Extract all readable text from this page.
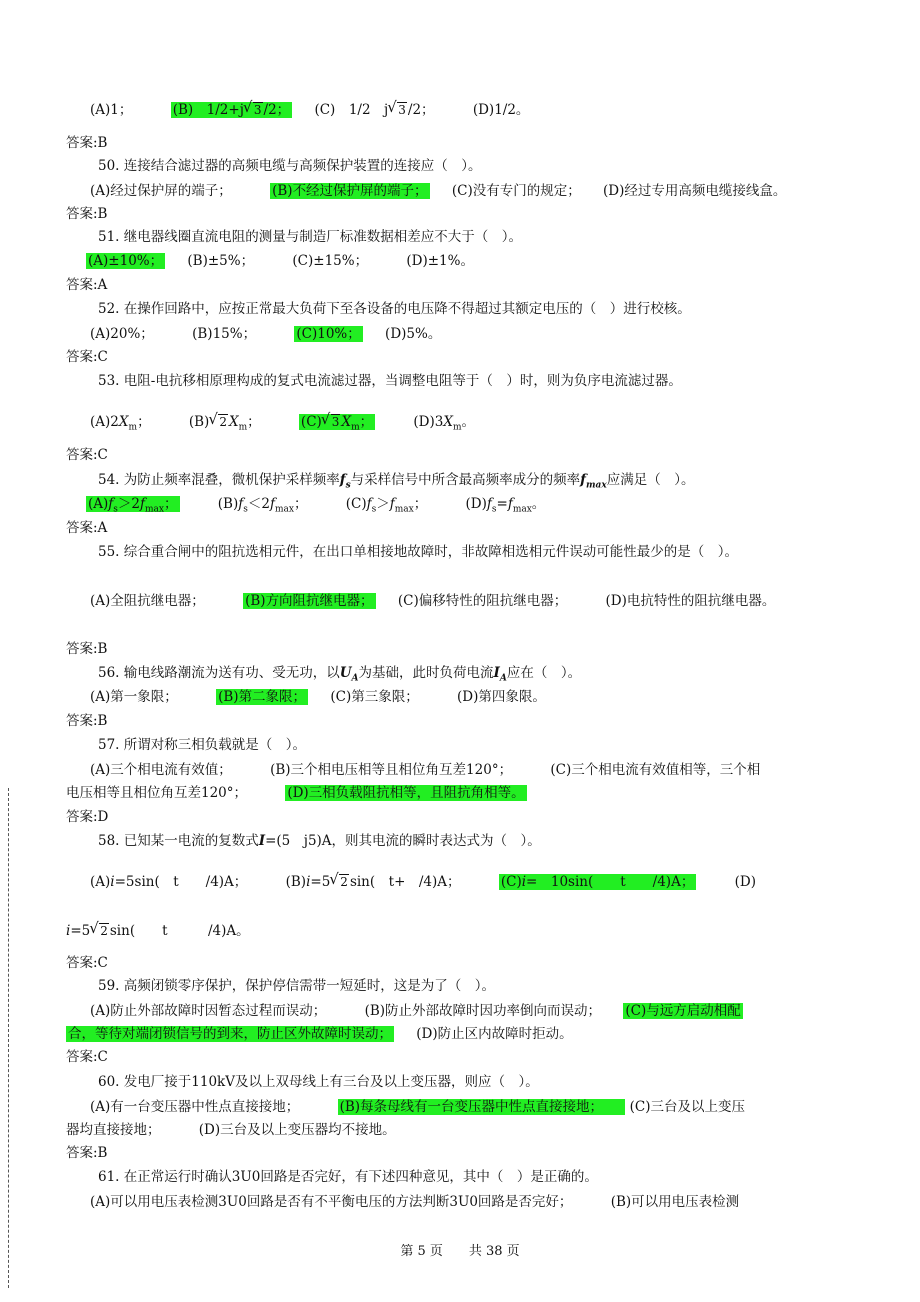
(A)1；	(B)　1/2+j √ 3 /2； (C)　1/2　j √ 3 /2；	(D)1/2。
答案:B
50. 连接结合滤过器的高频电缆与高频保护装置的连接应（　）。
(A)经过保护屏的端子；	(B)不经过保护屏的端子； (C)没有专门的规定； (D)经过专用高频电缆接线盒。
答案:B
51. 继电器线圈直流电阻的测量与制造厂标准数据相差应不大于（　）。
(A)±10%； (B)±5%；	(C)±15%；	(D)±1%。
答案:A
52. 在操作回路中，应按正常最大负荷下至各设备的电压降不得超过其额定电压的（　）进行校核。
(A)20%；	(B)15%；	(C)10%； (D)5%。
答案:C
53. 电阻-电抗移相原理构成的复式电流滤过器，当调整电阻等于（　）时，则为负序电流滤过器。
$(A)2X_m$；	(B) √ 2 $X_m$；	(C) √ 3 $X_m$；	$(D)3X_m$。
答案:C
54. 为防止频率混叠，微机保护采样频率$f_s$与采样信号中所含最高频率成分的频率$f_{max}$应满足（　）。
$(A)f_s>2f_{max}$；	$(B)f_s<2f_{max}$；	$(C)f_s>f_{max}$；	$(D)f_s=f_{max}$。
答案:A
55. 综合重合闸中的阻抗选相元件，在出口单相接地故障时，非故障相选相元件误动可能性最少的是（　）。
(A)全阻抗继电器；	(B)方向阻抗继电器； (C)偏移特性的阻抗继电器；	(D)电抗特性的阻抗继电器。
答案:B
56. 输电线路潮流为送有功、受无功，以$U_A$为基础，此时负荷电流$I_A$应在（　）。
(A)第一象限；	(B)第二象限； (C)第三象限；	(D)第四象限。
答案:B
57. 所谓对称三相负载就是（　）。
(A)三个相电流有效值；	(B)三个相电压相等且相位角互差120°；	(C)三个相电流有效值相等，三个相
电压相等且相位角互差120°；	(D)三相负载阻抗相等，且阻抗角相等。
答案:D
58. 已知某一电流的复数式I=(5　j5)A，则其电流的瞬时表达式为（　）。
(A)i=5sin(　t　　/4)A；	(B)i=5 √ 2 sin(　t+　/4)A；	(C)i=　10sin(　　t　　/4)A；	(D)
i=5 √ 2 sin(　　t　　　/4)A。
答案:C
59. 高频闭锁零序保护，保护停信需带一短延时，这是为了（　）。
(A)防止外部故障时因暂态过程而误动；	(B)防止外部故障时因功率倒向而误动； (C)与远方启动相配
合，等待对端闭锁信号的到来，防止区外故障时误动； (D)防止区内故障时拒动。
答案:C
60. 发电厂接于110kV及以上双母线上有三台及以上变压器，则应（　）。
(A)有一台变压器中性点直接接地；	(B)每条母线有一台变压器中性点直接接地；　　 (C)三台及以上变压
器均直接接地；	(D)三台及以上变压器均不接地。
答案:B
61. 在正常运行时确认3U0回路是否完好，有下述四种意见，其中（　）是正确的。
(A)可以用电压表检测3U0回路是否有不平衡电压的方法判断3U0回路是否完好；	(B)可以用电压表检测
第 5 页　　共 38 页
